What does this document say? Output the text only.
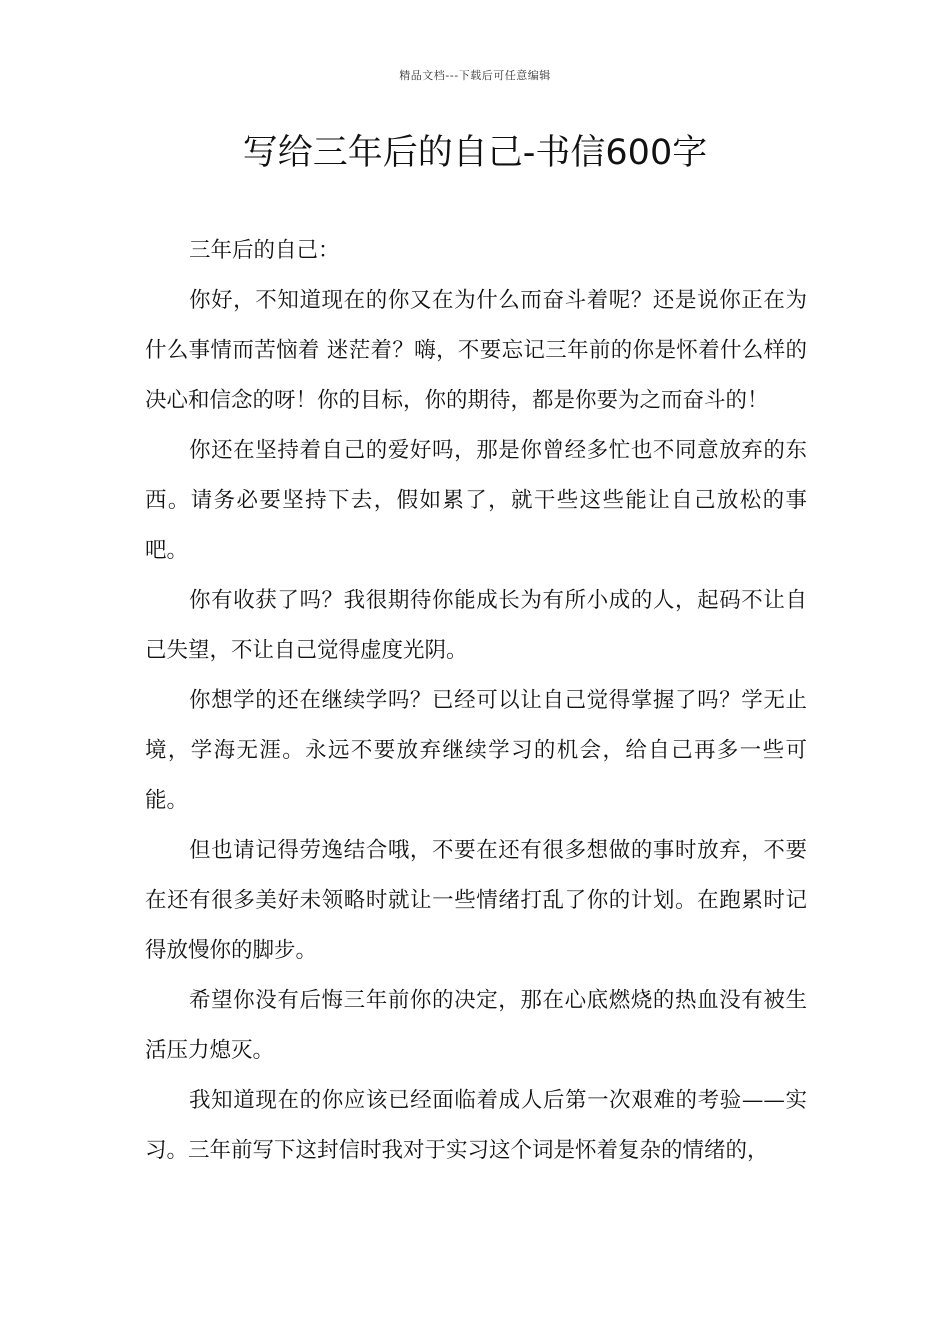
精品文档---下载后可任意编辑
写给三年后的自己-书信600字

三年后的自己：

你好，不知道现在的你又在为什么而奋斗着呢？还是说你正在为什么事情而苦恼着 迷茫着？嗨，不要忘记三年前的你是怀着什么样的决心和信念的呀！你的目标，你的期待，都是你要为之而奋斗的！

你还在坚持着自己的爱好吗，那是你曾经多忙也不同意放弃的东西。请务必要坚持下去，假如累了，就干些这些能让自己放松的事吧。

你有收获了吗？我很期待你能成长为有所小成的人，起码不让自己失望，不让自己觉得虚度光阴。

你想学的还在继续学吗？已经可以让自己觉得掌握了吗？学无止境，学海无涯。永远不要放弃继续学习的机会，给自己再多一些可能。

但也请记得劳逸结合哦，不要在还有很多想做的事时放弃，不要在还有很多美好未领略时就让一些情绪打乱了你的计划。在跑累时记得放慢你的脚步。

希望你没有后悔三年前你的决定，那在心底燃烧的热血没有被生活压力熄灭。

我知道现在的你应该已经面临着成人后第一次艰难的考验——实习。三年前写下这封信时我对于实习这个词是怀着复杂的情绪的，
